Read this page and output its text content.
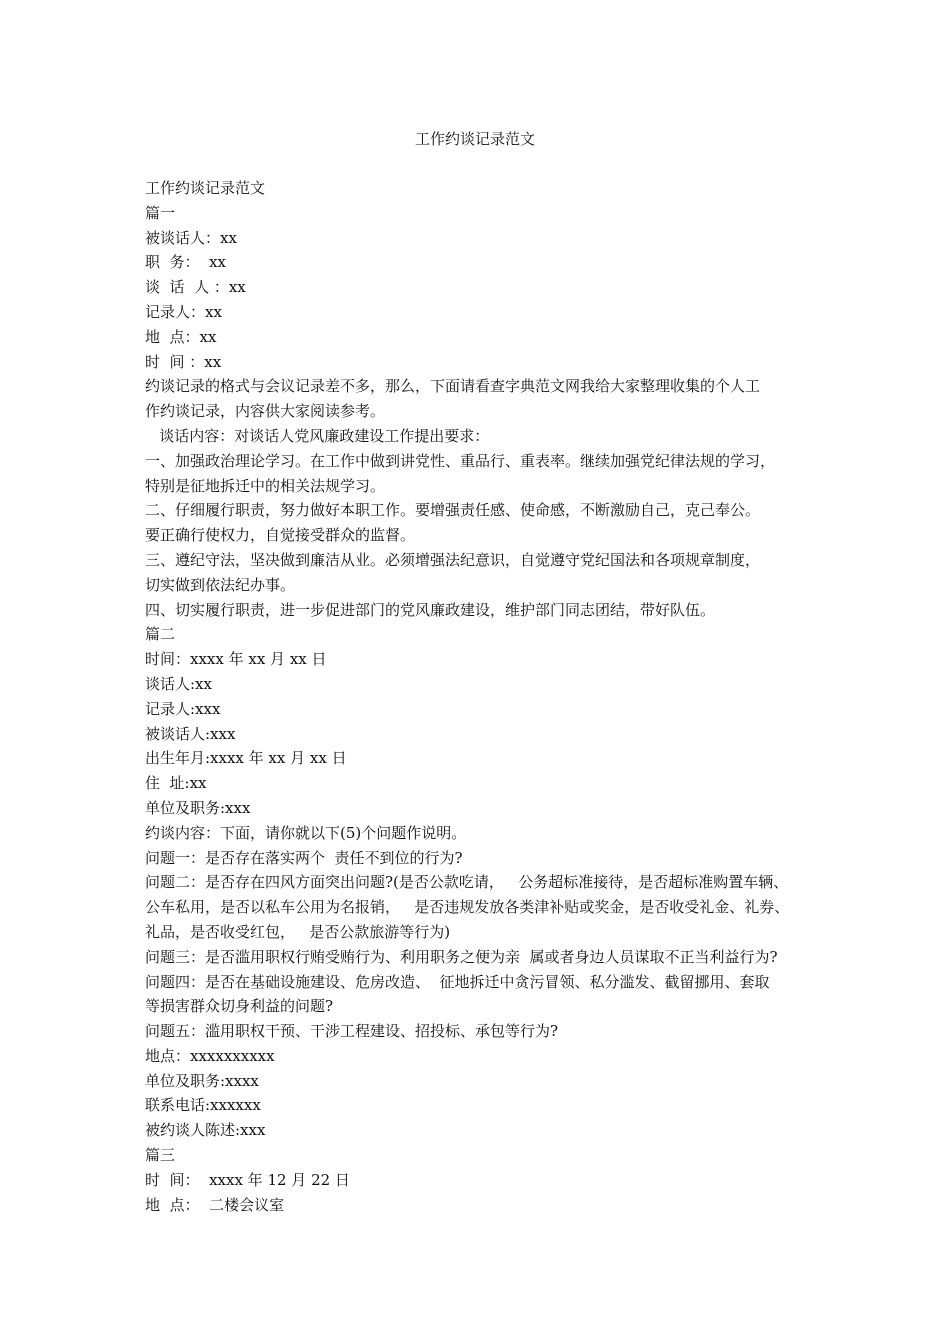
工作约谈记录范文
工作约谈记录范文
篇一
被谈话人：xx
职  务：  xx
谈  话  人 ：xx
记录人：xx
地  点：xx
时  间 ：xx
约谈记录的格式与会议记录差不多，那么，下面请看查字典范文网我给大家整理收集的个人工
作约谈记录，内容供大家阅读参考。
谈话内容：对谈话人党风廉政建设工作提出要求：
一、加强政治理论学习。在工作中做到讲党性、重品行、重表率。继续加强党纪律法规的学习，
特别是征地拆迁中的相关法规学习。
二、仔细履行职责，努力做好本职工作。要增强责任感、使命感，不断激励自己，克己奉公。
要正确行使权力，自觉接受群众的监督。
三、遵纪守法，坚决做到廉洁从业。必须增强法纪意识，自觉遵守党纪国法和各项规章制度，
切实做到依法纪办事。
四、切实履行职责，进一步促进部门的党风廉政建设，维护部门同志团结，带好队伍。
篇二
时间：xxxx 年 xx 月 xx 日
谈话人:xx
记录人:xxx
被谈话人:xxx
出生年月:xxxx 年 xx 月 xx 日
住  址:xx
单位及职务:xxx
约谈内容：下面，请你就以下(5)个问题作说明。
问题一：是否存在落实两个  责任不到位的行为?
问题二：是否存在四风方面突出问题?(是否公款吃请，   公务超标准接待，是否超标准购置车辆、
公车私用，是否以私车公用为名报销，   是否违规发放各类津补贴或奖金，是否收受礼金、礼券、
礼品，是否收受红包，   是否公款旅游等行为)
问题三：是否滥用职权行贿受贿行为、利用职务之便为亲  属或者身边人员谋取不正当利益行为?
问题四：是否在基础设施建设、危房改造、  征地拆迁中贪污冒领、私分滥发、截留挪用、套取
等损害群众切身利益的问题?
问题五：滥用职权干预、干涉工程建设、招投标、承包等行为?
地点：xxxxxxxxxx
单位及职务:xxxx
联系电话:xxxxxx
被约谈人陈述:xxx
篇三
时  间：  xxxx 年 12 月 22 日
地  点：  二楼会议室
